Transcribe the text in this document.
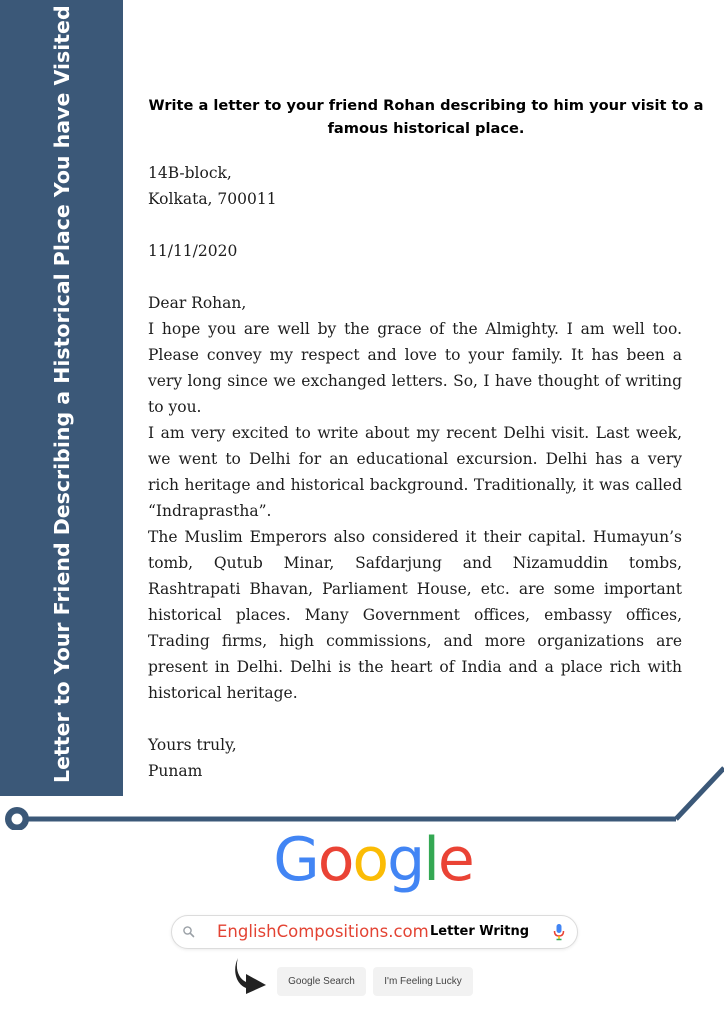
Letter to Your Friend Describing a Historical Place You have Visited	Write a letter to your friend Rohan describing to him your visit to a famous historical place.

14B-block,

Kolkata, 700011

11/11/2020

Dear Rohan,

I hope you are well by the grace of the Almighty. I am well too. Please convey my respect and love to your family. It has been a very long since we exchanged letters. So, I have thought of writing to you.

I am very excited to write about my recent Delhi visit. Last week, we went to Delhi for an educational excursion. Delhi has a very rich heritage and historical background. Traditionally, it was called “Indraprastha”.

The Muslim Emperors also considered it their capital. Humayun’s tomb, Qutub Minar, Safdarjung and Nizamuddin tombs, Rashtrapati Bhavan, Parliament House, etc. are some important historical places. Many Government offices, embassy offices, Trading firms, high commissions, and more organizations are present in Delhi. Delhi is the heart of India and a place rich with historical heritage.

Yours truly,

Punam

Google
EnglishCompositions.com Letter Writng
Google Search	I'm Feeling Lucky
